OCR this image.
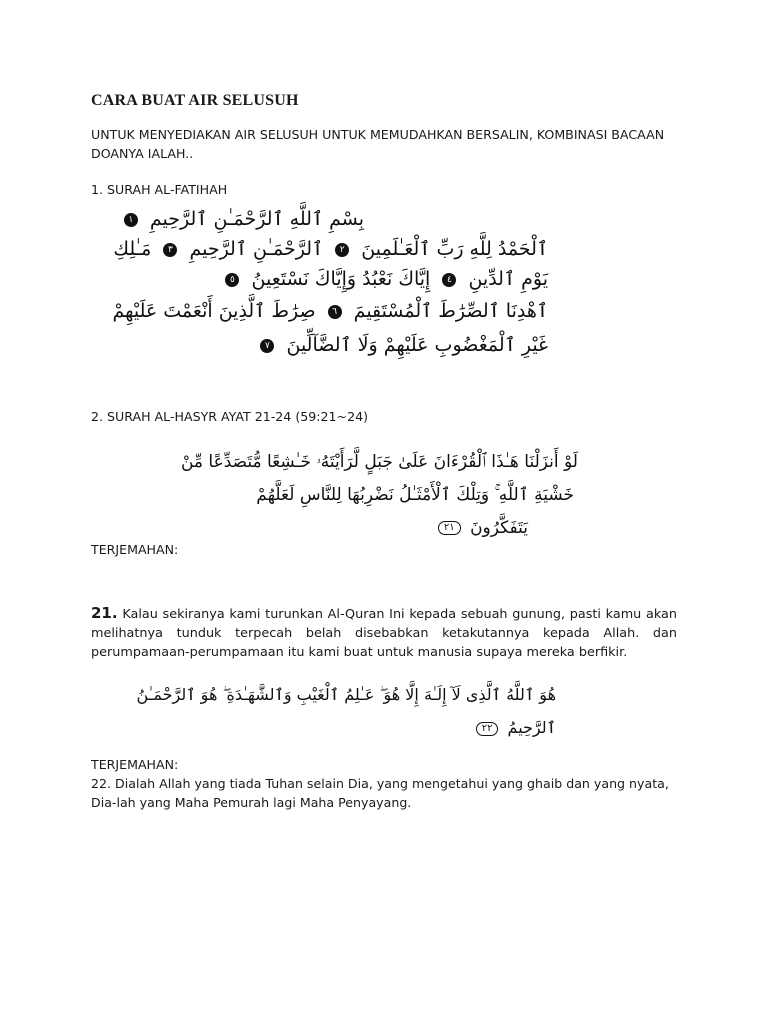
CARA BUAT AIR SELUSUH
UNTUK MENYEDIAKAN AIR SELUSUH UNTUK MEMUDAHKAN BERSALIN, KOMBINASI BACAAN DOANYA IALAH..
1. SURAH AL-FATIHAH
بِسْمِ ٱللَّهِ ٱلرَّحْمَـٰنِ ٱلرَّحِيمِ ١
ٱلْحَمْدُ لِلَّهِ رَبِّ ٱلْعَـٰلَمِينَ ٢ ٱلرَّحْمَـٰنِ ٱلرَّحِيمِ ٣ مَـٰلِكِ
يَوْمِ ٱلدِّينِ ٤ إِيَّاكَ نَعْبُدُ وَإِيَّاكَ نَسْتَعِينُ ٥
ٱهْدِنَا ٱلصِّرَٰطَ ٱلْمُسْتَقِيمَ ٦ صِرَٰطَ ٱلَّذِينَ أَنْعَمْتَ عَلَيْهِمْ
غَيْرِ ٱلْمَغْضُوبِ عَلَيْهِمْ وَلَا ٱلضَّآلِّينَ ٧
2. SURAH AL-HASYR AYAT 21-24 (59:21~24)
لَوْ أَنزَلْنَا هَـٰذَا ٱلْقُرْءَانَ عَلَىٰ جَبَلٍ لَّرَأَيْتَهُۥ خَـٰشِعًا مُّتَصَدِّعًا مِّنْ
خَشْيَةِ ٱللَّهِ ۚ وَتِلْكَ ٱلْأَمْثَـٰلُ نَضْرِبُهَا لِلنَّاسِ لَعَلَّهُمْ
يَتَفَكَّرُونَ ٢١
TERJEMAHAN:
21. Kalau sekiranya kami turunkan Al-Quran Ini kepada sebuah gunung, pasti kamu akan melihatnya tunduk terpecah belah disebabkan ketakutannya kepada Allah. dan perumpamaan-perumpamaan itu kami buat untuk manusia supaya mereka berfikir.
هُوَ ٱللَّهُ ٱلَّذِى لَآ إِلَـٰهَ إِلَّا هُوَ ۖ عَـٰلِمُ ٱلْغَيْبِ وَٱلشَّهَـٰدَةِ ۖ هُوَ ٱلرَّحْمَـٰنُ
ٱلرَّحِيمُ ٢٢
TERJEMAHAN:
22. Dialah Allah yang tiada Tuhan selain Dia, yang mengetahui yang ghaib dan yang nyata, Dia-lah yang Maha Pemurah lagi Maha Penyayang.
